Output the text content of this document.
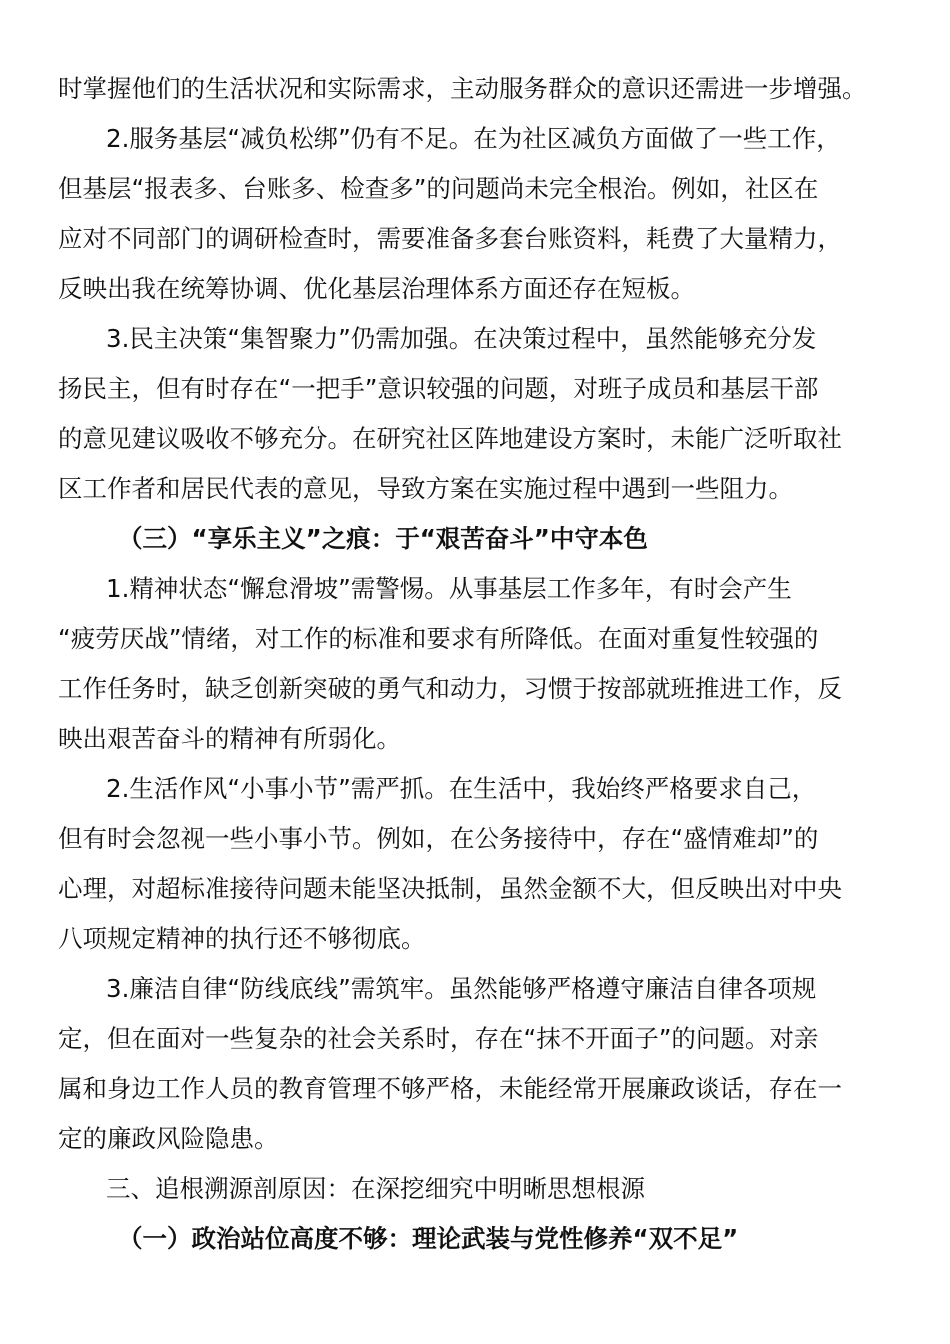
时掌握他们的生活状况和实际需求，主动服务群众的意识还需进一步增强。

2.服务基层“减负松绑”仍有不足。在为社区减负方面做了一些工作，

但基层“报表多、台账多、检查多”的问题尚未完全根治。例如，社区在

应对不同部门的调研检查时，需要准备多套台账资料，耗费了大量精力，

反映出我在统筹协调、优化基层治理体系方面还存在短板。

3.民主决策“集智聚力”仍需加强。在决策过程中，虽然能够充分发

扬民主，但有时存在“一把手”意识较强的问题，对班子成员和基层干部

的意见建议吸收不够充分。在研究社区阵地建设方案时，未能广泛听取社

区工作者和居民代表的意见，导致方案在实施过程中遇到一些阻力。

（三）“享乐主义”之痕：于“艰苦奋斗”中守本色

1.精神状态“懈怠滑坡”需警惕。从事基层工作多年，有时会产生

“疲劳厌战”情绪，对工作的标准和要求有所降低。在面对重复性较强的

工作任务时，缺乏创新突破的勇气和动力，习惯于按部就班推进工作，反

映出艰苦奋斗的精神有所弱化。

2.生活作风“小事小节”需严抓。在生活中，我始终严格要求自己，

但有时会忽视一些小事小节。例如，在公务接待中，存在“盛情难却”的

心理，对超标准接待问题未能坚决抵制，虽然金额不大，但反映出对中央

八项规定精神的执行还不够彻底。

3.廉洁自律“防线底线”需筑牢。虽然能够严格遵守廉洁自律各项规

定，但在面对一些复杂的社会关系时，存在“抹不开面子”的问题。对亲

属和身边工作人员的教育管理不够严格，未能经常开展廉政谈话，存在一

定的廉政风险隐患。

三、追根溯源剖原因：在深挖细究中明晰思想根源

（一）政治站位高度不够：理论武装与党性修养“双不足”
